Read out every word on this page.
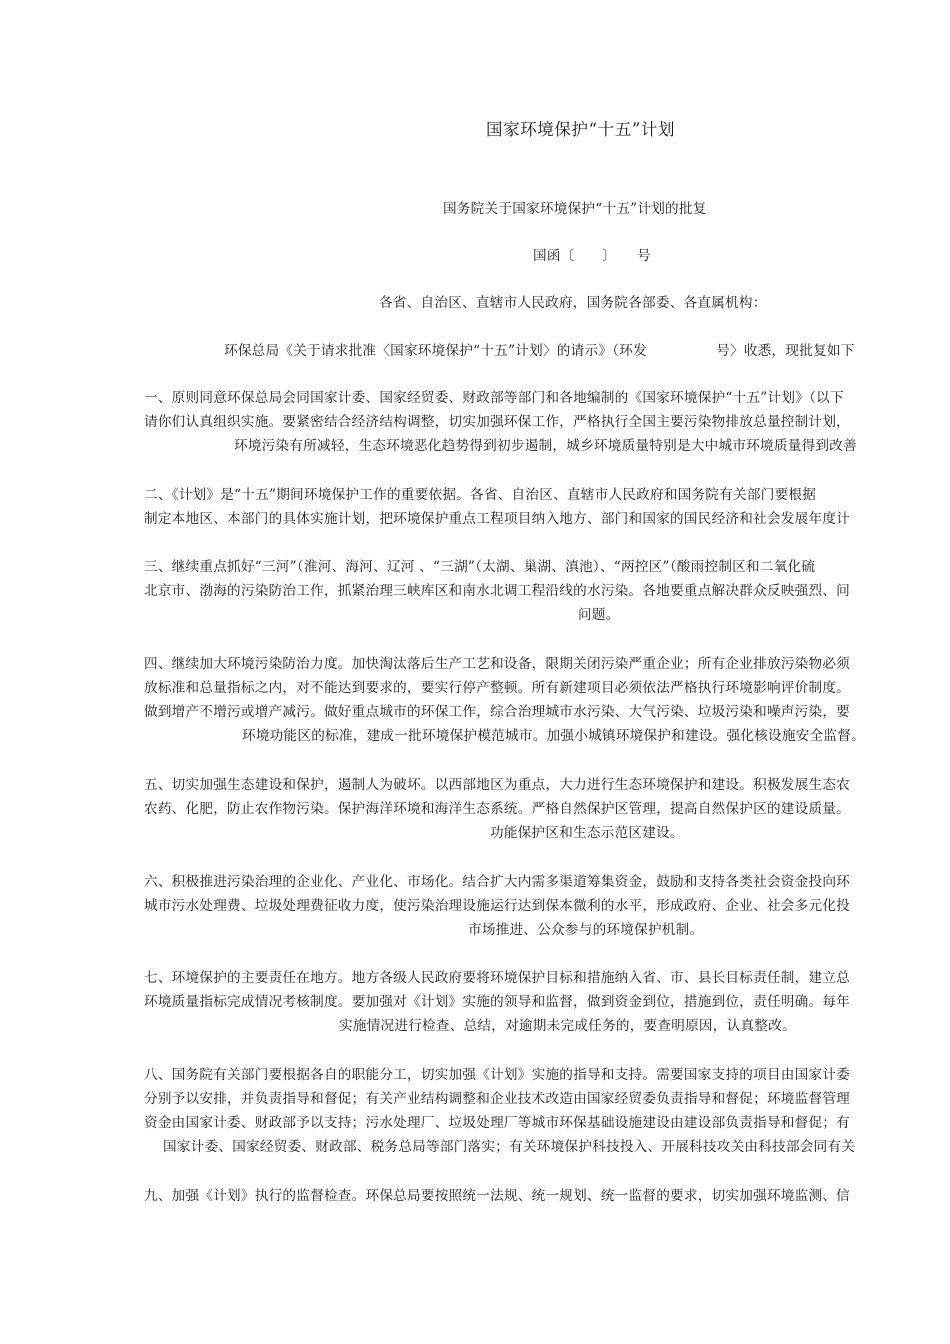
国家环境保护“十五”计划
国务院关于国家环境保护“十五”计划的批复
国函〔　　〕　　号
各省、自治区、直辖市人民政府，国务院各部委、各直属机构：
环保总局《关于请求批准〈国家环境保护“十五”计划〉的请示》（环发　　　　　号〉收悉，现批复如下
一、原则同意环保总局会同国家计委、国家经贸委、财政部等部门和各地编制的《国家环境保护“十五”计划》（以下
请你们认真组织实施。要紧密结合经济结构调整，切实加强环保工作，严格执行全国主要污染物排放总量控制计划，
环境污染有所减轻，生态环境恶化趋势得到初步遏制，城乡环境质量特别是大中城市环境质量得到改善
二、《计划》是“十五”期间环境保护工作的重要依据。各省、自治区、直辖市人民政府和国务院有关部门要根据
制定本地区、本部门的具体实施计划，把环境保护重点工程项目纳入地方、部门和国家的国民经济和社会发展年度计
三、继续重点抓好“三河”（淮河、海河、辽河 、“三湖”（太湖、巢湖、滇池）、“两控区”（酸雨控制区和二氧化硫
北京市、渤海的污染防治工作，抓紧治理三峡库区和南水北调工程沿线的水污染。各地要重点解决群众反映强烈、问
问题。
四、继续加大环境污染防治力度。加快淘汰落后生产工艺和设备，限期关闭污染严重企业；所有企业排放污染物必须
放标准和总量指标之内，对不能达到要求的，要实行停产整顿。所有新建项目必须依法严格执行环境影响评价制度。
做到增产不增污或增产减污。做好重点城市的环保工作，综合治理城市水污染、大气污染、垃圾污染和噪声污染，要
环境功能区的标准，建成一批环境保护模范城市。加强小城镇环境保护和建设。强化核设施安全监督。
五、切实加强生态建设和保护，遏制人为破坏。以西部地区为重点，大力进行生态环境保护和建设。积极发展生态农
农药、化肥，防止农作物污染。保护海洋环境和海洋生态系统。严格自然保护区管理，提高自然保护区的建设质量。
功能保护区和生态示范区建设。
六、积极推进污染治理的企业化、产业化、市场化。结合扩大内需多渠道筹集资金，鼓励和支持各类社会资金投向环
城市污水处理费、垃圾处理费征收力度，使污染治理设施运行达到保本微利的水平，形成政府、企业、社会多元化投
市场推进、公众参与的环境保护机制。
七、环境保护的主要责任在地方。地方各级人民政府要将环境保护目标和措施纳入省、市、县长目标责任制，建立总
环境质量指标完成情况考核制度。要加强对《计划》实施的领导和监督，做到资金到位，措施到位，责任明确。每年
实施情况进行检查、总结，对逾期未完成任务的，要查明原因，认真整改。
八、国务院有关部门要根据各自的职能分工，切实加强《计划》实施的指导和支持。需要国家支持的项目由国家计委
分别予以安排，并负责指导和督促；有关产业结构调整和企业技术改造由国家经贸委负责指导和督促；环境监督管理
资金由国家计委、财政部予以支持；污水处理厂、垃圾处理厂等城市环保基础设施建设由建设部负责指导和督促；有
国家计委、国家经贸委、财政部、税务总局等部门落实；有关环境保护科技投入、开展科技攻关由科技部会同有关
九、加强《计划》执行的监督检查。环保总局要按照统一法规、统一规划、统一监督的要求，切实加强环境监测、信
